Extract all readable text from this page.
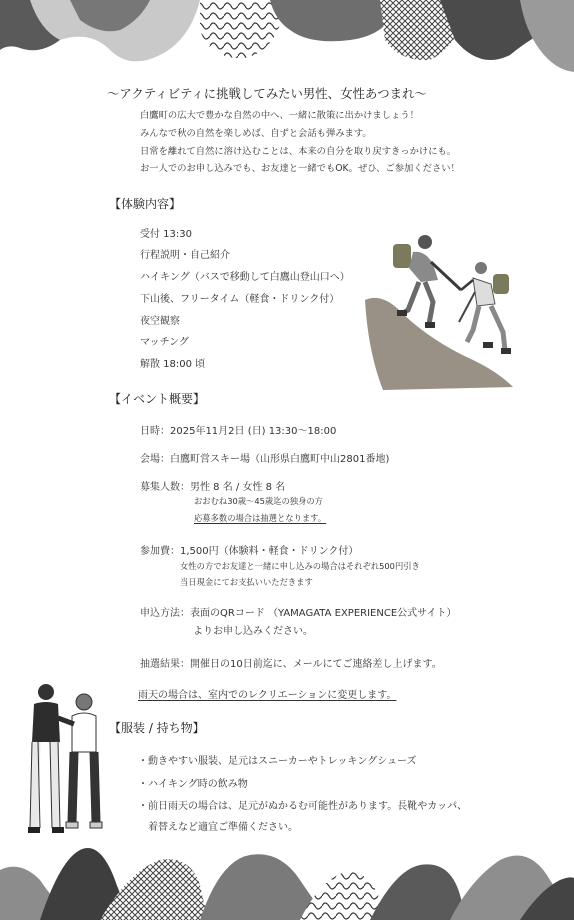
〜アクティビティに挑戦してみたい男性、女性あつまれ〜
白鷹町の広大で豊かな自然の中へ、一緒に散策に出かけましょう！
みんなで秋の自然を楽しめば、自ずと会話も弾みます。
日常を離れて自然に溶け込むことは、本来の自分を取り戻すきっかけにも。
お一人でのお申し込みでも、お友達と一緒でもOK。ぜひ、ご参加ください！
【体験内容】
受付 13:30
行程説明・自己紹介
ハイキング（バスで移動して白鷹山登山口へ）
下山後、フリータイム（軽食・ドリンク付）
夜空観察
マッチング
解散 18:00 頃
【イベント概要】
日時：2025年11月2日 (日) 13:30〜18:00
会場：白鷹町営スキー場（山形県白鷹町中山2801番地)
募集人数：男性 8 名 / 女性 8 名
おおむね30歳〜45歳迄の独身の方
応募多数の場合は抽選となります。
参加費：1,500円（体験料・軽食・ドリンク付）
女性の方でお友達と一緒に申し込みの場合はそれぞれ500円引き
当日現金にてお支払いいただきます
申込方法：表面のQRコード （YAMAGATA EXPERIENCE公式サイト）
よりお申し込みください。
抽選結果：開催日の10日前迄に、メールにてご連絡差し上げます。
雨天の場合は、室内でのレクリエーションに変更します。
【服装 / 持ち物】
・動きやすい服装、足元はスニーカーやトレッキングシューズ
・ハイキング時の飲み物
・前日雨天の場合は、足元がぬかるむ可能性があります。長靴やカッパ、
着替えなど適宜ご準備ください。
